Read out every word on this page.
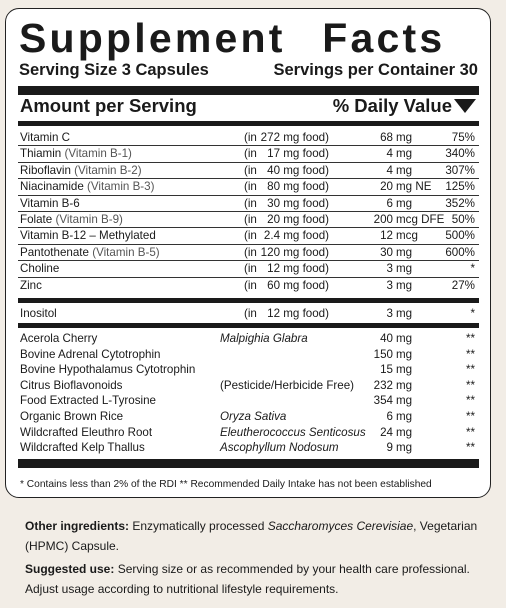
Supplement Facts
Serving Size 3 Capsules	Servings per Container 30
Amount per Serving	% Daily Value
Vitamin C	(in 272 mg food)	68 mg	75%
Thiamin (Vitamin B-1)	(in 17 mg food)	4 mg	340%
Riboflavin (Vitamin B-2)	(in 40 mg food)	4 mg	307%
Niacinamide (Vitamin B-3)	(in 80 mg food)	20 mg NE 125%
Vitamin B-6	(in 30 mg food)	6 mg	352%
Folate (Vitamin B-9)	(in 20 mg food)	200 mcg DFE 50%
Vitamin B-12 – Methylated	(in 2.4 mg food)	12 mcg 500%
Pantothenate (Vitamin B-5)	(in 120 mg food)	30 mg	600%
Choline	(in 12 mg food)	3 mg	*
Zinc	(in 60 mg food)	3 mg	27%
Inositol	(in 12 mg food)	3 mg	*
Acerola Cherry	Malpighia Glabra	40 mg	**
Bovine Adrenal Cytotrophin	150 mg	**
Bovine Hypothalamus Cytotrophin	15 mg	**
Citrus Bioflavonoids	(Pesticide/Herbicide Free) 232 mg	**
Food Extracted L-Tyrosine	354 mg	**
Organic Brown Rice	Oryza Sativa	6 mg	**
Wildcrafted Eleuthro Root	Eleutherococcus Senticosus 24 mg	**
Wildcrafted Kelp Thallus	Ascophyllum Nodosum	9 mg	**
* Contains less than 2% of the RDI ** Recommended Daily Intake has not been established
Other ingredients: Enzymatically processed Saccharomyces Cerevisiae, Vegetarian (HPMC) Capsule.
Suggested use: Serving size or as recommended by your health care professional. Adjust usage according to nutritional lifestyle requirements.
